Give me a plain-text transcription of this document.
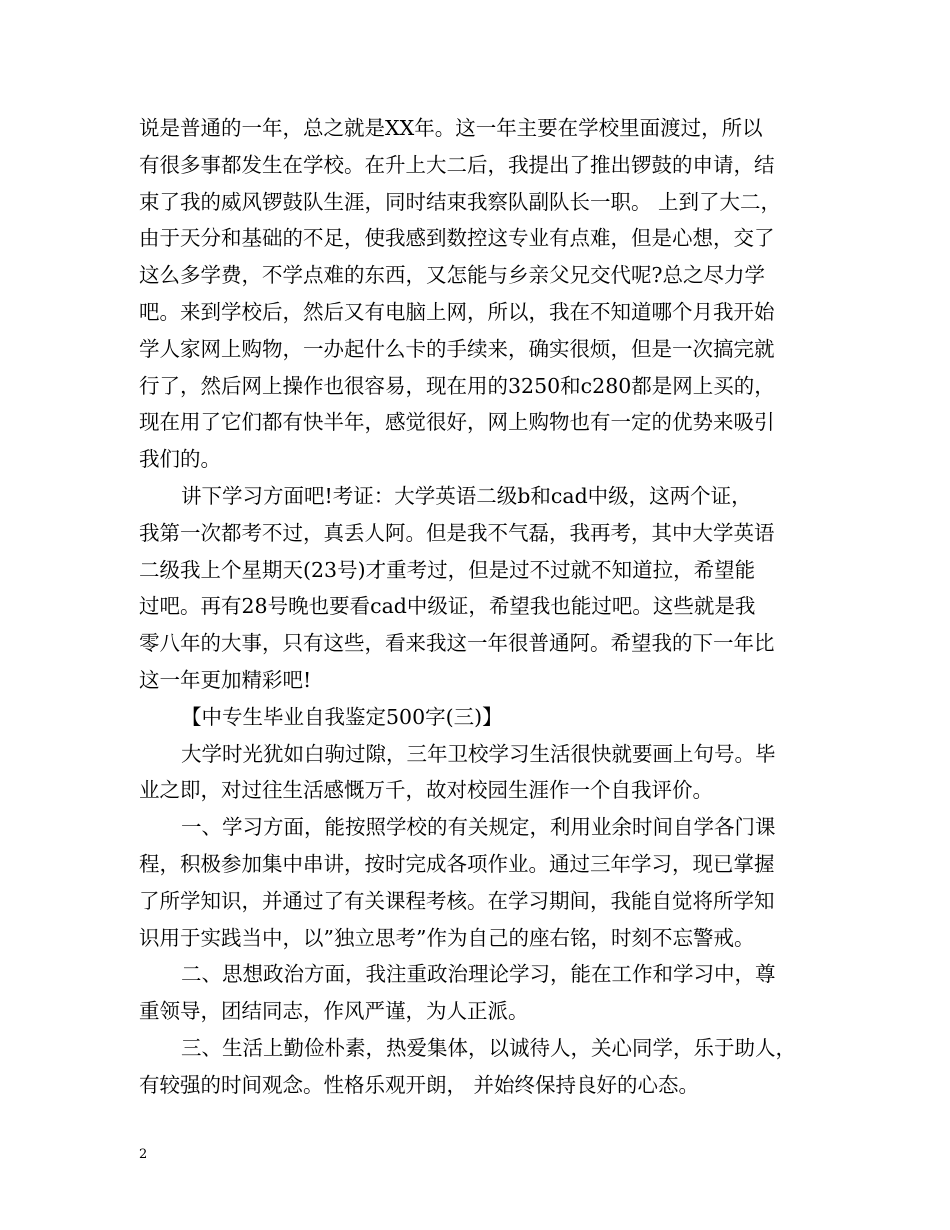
说是普通的一年，总之就是XX年。这一年主要在学校里面渡过，所以
有很多事都发生在学校。在升上大二后，我提出了推出锣鼓的申请，结
束了我的威风锣鼓队生涯，同时结束我察队副队长一职。 上到了大二，
由于天分和基础的不足，使我感到数控这专业有点难，但是心想，交了
这么多学费，不学点难的东西，又怎能与乡亲父兄交代呢?总之尽力学
吧。来到学校后，然后又有电脑上网，所以，我在不知道哪个月我开始
学人家网上购物，一办起什么卡的手续来，确实很烦，但是一次搞完就
行了，然后网上操作也很容易，现在用的3250和c280都是网上买的，
现在用了它们都有快半年，感觉很好，网上购物也有一定的优势来吸引
我们的。
讲下学习方面吧!考证：大学英语二级b和cad中级，这两个证，
我第一次都考不过，真丢人阿。但是我不气磊，我再考，其中大学英语
二级我上个星期天(23号)才重考过，但是过不过就不知道拉，希望能
过吧。再有28号晚也要看cad中级证，希望我也能过吧。这些就是我
零八年的大事，只有这些，看来我这一年很普通阿。希望我的下一年比
这一年更加精彩吧!
【中专生毕业自我鉴定500字(三)】
大学时光犹如白驹过隙，三年卫校学习生活很快就要画上句号。毕
业之即，对过往生活感慨万千，故对校园生涯作一个自我评价。
一、学习方面，能按照学校的有关规定，利用业余时间自学各门课
程，积极参加集中串讲，按时完成各项作业。通过三年学习，现已掌握
了所学知识，并通过了有关课程考核。在学习期间，我能自觉将所学知
识用于实践当中，以”独立思考”作为自己的座右铭，时刻不忘警戒。
二、思想政治方面，我注重政治理论学习，能在工作和学习中，尊
重领导，团结同志，作风严谨，为人正派。
三、生活上勤俭朴素，热爱集体，以诚待人，关心同学，乐于助人，
有较强的时间观念。性格乐观开朗， 并始终保持良好的心态。
2
